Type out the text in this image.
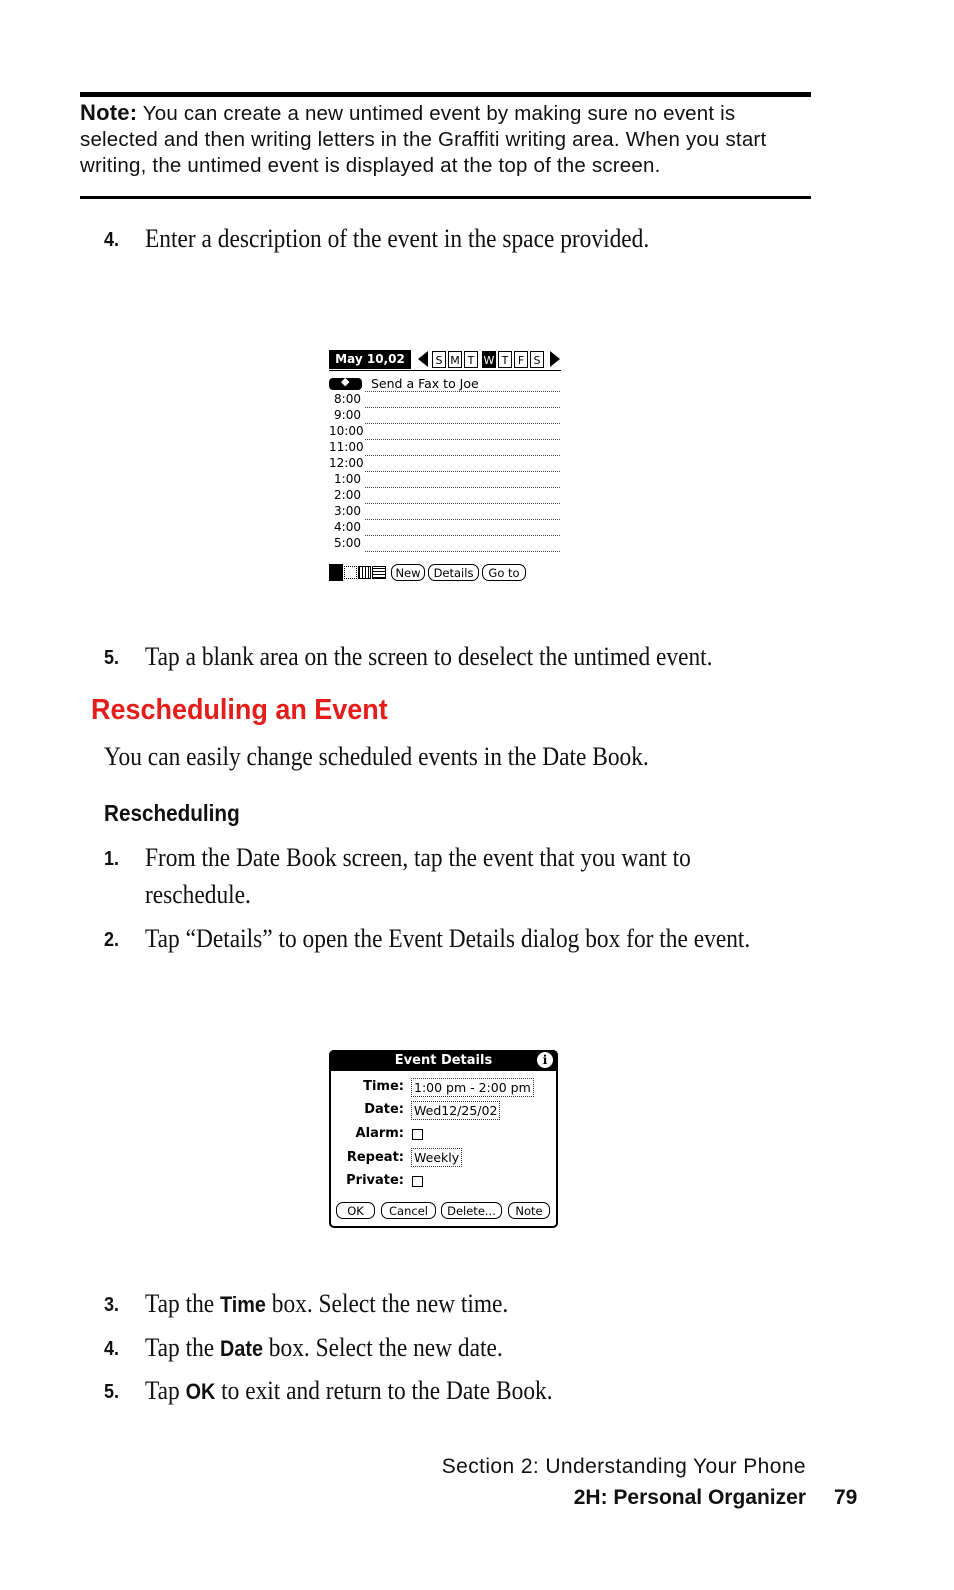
Note: You can create a new untimed event by making sure no event is selected and then writing letters in the Graffiti writing area. When you start writing, the untimed event is displayed at the top of the screen.
4. Enter a description of the event in the space provided.
May 10,02	S M T W T F S
◆
Send a Fax to Joe
8:00
9:00
10:00
11:00
12:00
1:00
2:00
3:00
4:00
5:00
New	Details	Go to
5. Tap a blank area on the screen to deselect the untimed event.
Rescheduling an Event
You can easily change scheduled events in the Date Book.
Rescheduling
1. From the Date Book screen, tap the event that you want to
reschedule.
2. Tap “Details” to open the Event Details dialog box for the event.
Event Details	i
Time: 1:00 pm - 2:00 pm
Date: Wed12/25/02
Alarm:
Repeat: Weekly
Private:
OK	Cancel	Delete...	Note
3. Tap the Time box. Select the new time.
4. Tap the Date box. Select the new date.
5. Tap OK to exit and return to the Date Book.
Section 2: Understanding Your Phone
2H: Personal Organizer 79
